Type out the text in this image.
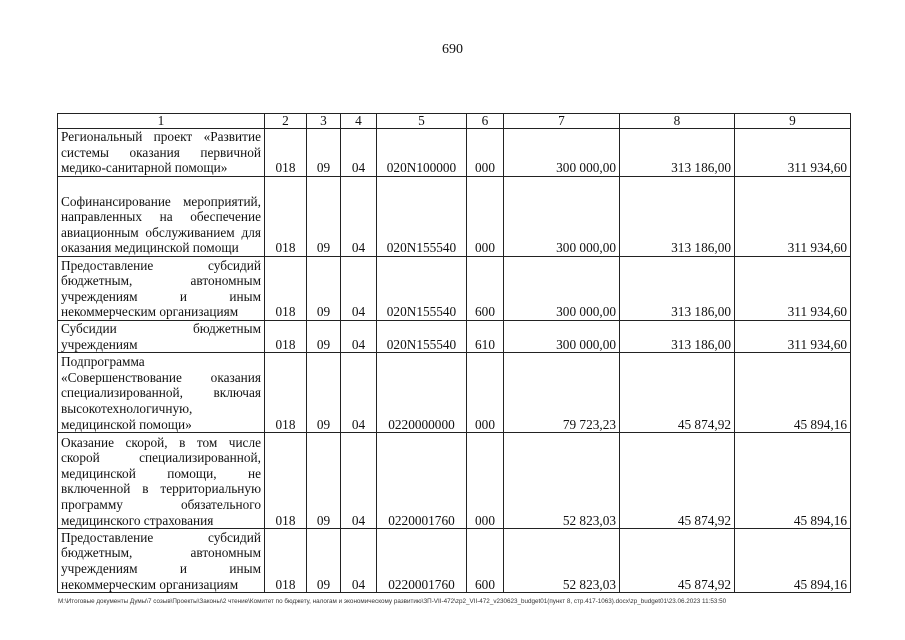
690
1	2	3	4	5	6	7	8	9
Региональный проект «Развитие системы оказания первичной медико-санитарной помощи»	018	09	04	020N100000	000	300 000,00	313 186,00	311 934,60
Софинансирование мероприятий, направленных на обеспечение авиационным обслуживанием для оказания медицинской помощи	018	09	04	020N155540	000	300 000,00	313 186,00	311 934,60
Предоставление субсидий бюджетным, автономным учреждениям и иным некоммерческим организациям	018	09	04	020N155540	600	300 000,00	313 186,00	311 934,60
Субсидии бюджетным учреждениям	018	09	04	020N155540	610	300 000,00	313 186,00	311 934,60
Подпрограмма «Совершенствование оказания специализированной, включая высокотехнологичную, медицинской помощи»	018	09	04	0220000000	000	79 723,23	45 874,92	45 894,16
Оказание скорой, в том числе скорой специализированной, медицинской помощи, не включенной в территориальную программу обязательного медицинского страхования	018	09	04	0220001760	000	52 823,03	45 874,92	45 894,16
Предоставление субсидий бюджетным, автономным учреждениям и иным некоммерческим организациям	018	09	04	0220001760	600	52 823,03	45 874,92	45 894,16
M:\Итоговые документы Думы\7 созыв\Проекты\Законы\2 чтение\Комитет по бюджету, налогам и экономическому развитию\ЗП-VII-472\zp2_VII-472_v230623_budget01(пункт 8, стр.417-1063).docx\zp_budget01\23.06.2023 11:53:50
